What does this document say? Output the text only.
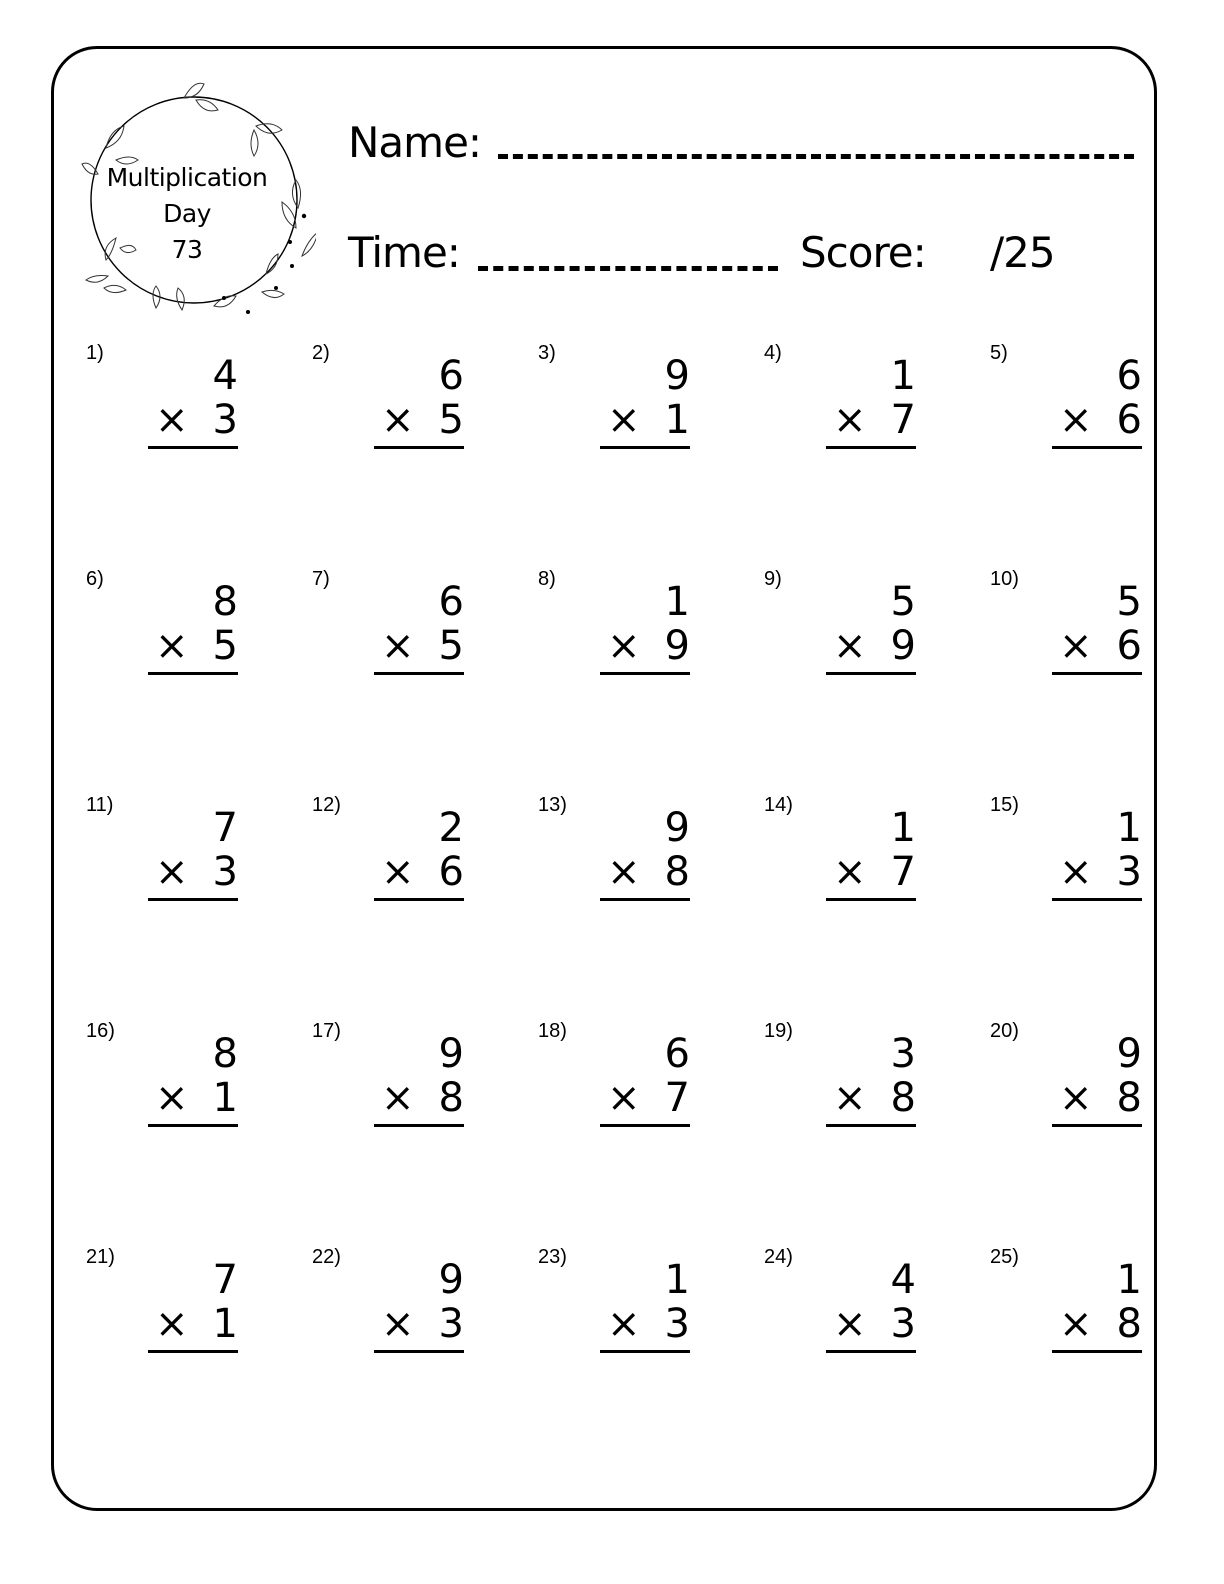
Multiplication
Day
73
Name:
Time:	Score: /25
1)	4
× 3
2)	6
× 5
3)	9
× 1
4)	1
× 7
5)	6
× 6
6)	8
× 5
7)	6
× 5
8)	1
× 9
9)	5
× 9
10) 5
× 6
11) 7
× 3
12) 2
× 6
13) 9
× 8
14) 1
× 7
15) 1
× 3
16) 8
× 1
17) 9
× 8
18) 6
× 7
19) 3
× 8
20) 9
× 8
21) 7
× 1
22) 9
× 3
23) 1
× 3
24) 4
× 3
25) 1
× 8
